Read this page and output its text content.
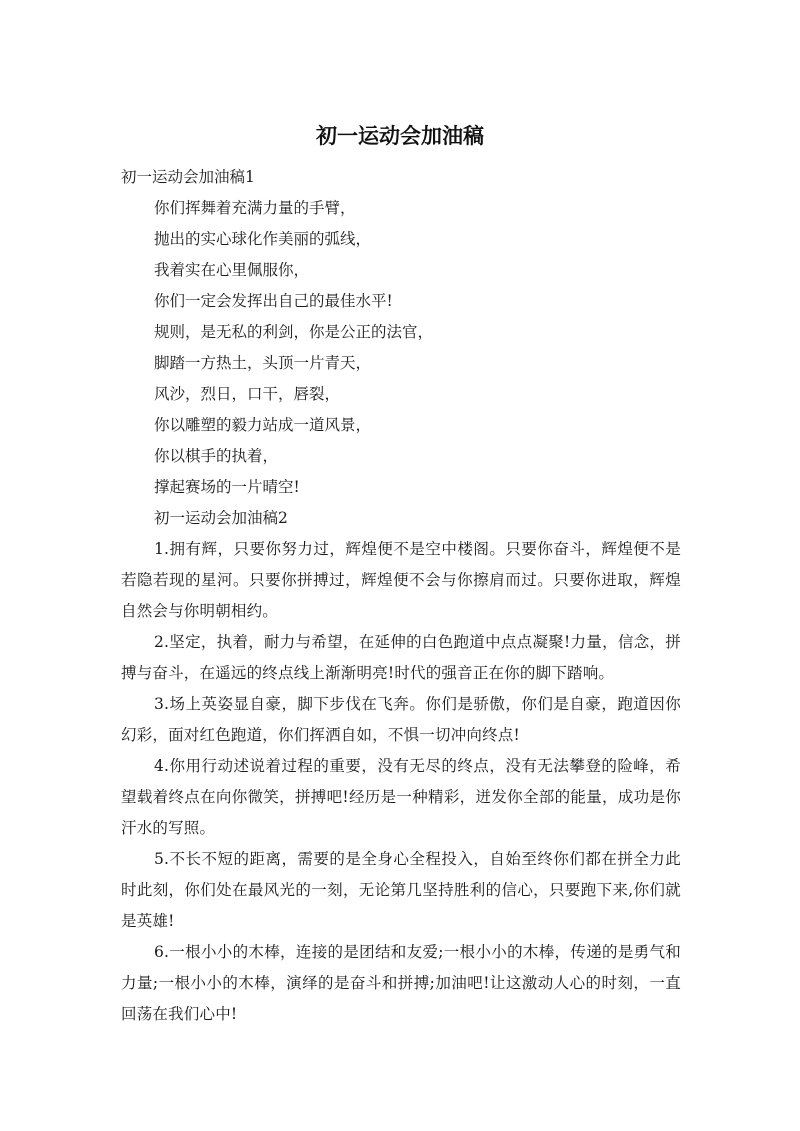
初一运动会加油稿

初一运动会加油稿1

你们挥舞着充满力量的手臂，

抛出的实心球化作美丽的弧线，

我着实在心里佩服你，

你们一定会发挥出自己的最佳水平!

规则，是无私的利剑，你是公正的法官，

脚踏一方热土，头顶一片青天，

风沙，烈日，口干，唇裂，

你以雕塑的毅力站成一道风景，

你以棋手的执着，

撑起赛场的一片晴空!

初一运动会加油稿2

1.拥有辉，只要你努力过，辉煌便不是空中楼阁。只要你奋斗，辉煌便不是若隐若现的星河。只要你拼搏过，辉煌便不会与你擦肩而过。只要你进取，辉煌自然会与你明朝相约。

2.坚定，执着，耐力与希望，在延伸的白色跑道中点点凝聚!力量，信念，拼搏与奋斗，在遥远的终点线上渐渐明亮!时代的强音正在你的脚下踏响。

3.场上英姿显自豪，脚下步伐在飞奔。你们是骄傲，你们是自豪，跑道因你幻彩，面对红色跑道，你们挥洒自如，不惧一切冲向终点!

4.你用行动述说着过程的重要，没有无尽的终点，没有无法攀登的险峰，希望载着终点在向你微笑，拼搏吧!经历是一种精彩，迸发你全部的能量，成功是你汗水的写照。

5.不长不短的距离，需要的是全身心全程投入，自始至终你们都在拼全力此时此刻，你们处在最风光的一刻，无论第几坚持胜利的信心，只要跑下来,你们就是英雄!

6.一根小小的木棒，连接的是团结和友爱;一根小小的木棒，传递的是勇气和力量;一根小小的木棒，演绎的是奋斗和拼搏;加油吧!让这激动人心的时刻，一直回荡在我们心中!
